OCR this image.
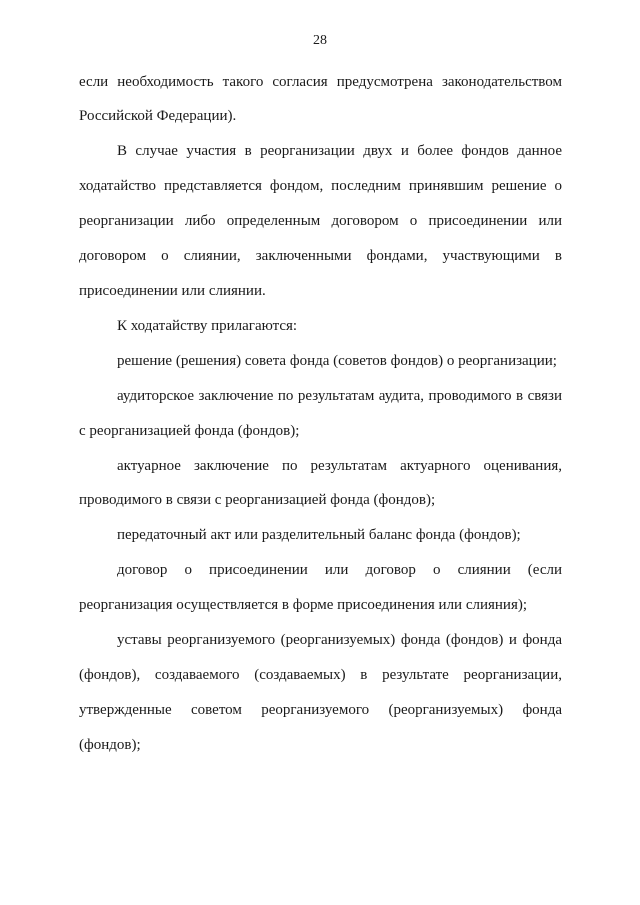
28
если необходимость такого согласия предусмотрена законодательством
Российской Федерации).
В случае участия в реорганизации двух и более фондов данное
ходатайство представляется фондом, последним принявшим решение о
реорганизации либо определенным договором о присоединении или
договором о слиянии, заключенными фондами, участвующими в
присоединении или слиянии.
К ходатайству прилагаются:
решение (решения) совета фонда (советов фондов) о реорганизации;
аудиторское заключение по результатам аудита, проводимого в связи
с реорганизацией фонда (фондов);
актуарное заключение по результатам актуарного оценивания,
проводимого в связи с реорганизацией фонда (фондов);
передаточный акт или разделительный баланс фонда (фондов);
договор о присоединении или договор о слиянии (если
реорганизация осуществляется в форме присоединения или слияния);
уставы реорганизуемого (реорганизуемых) фонда (фондов) и фонда
(фондов), создаваемого (создаваемых) в результате реорганизации,
утвержденные советом реорганизуемого (реорганизуемых) фонда
(фондов);
